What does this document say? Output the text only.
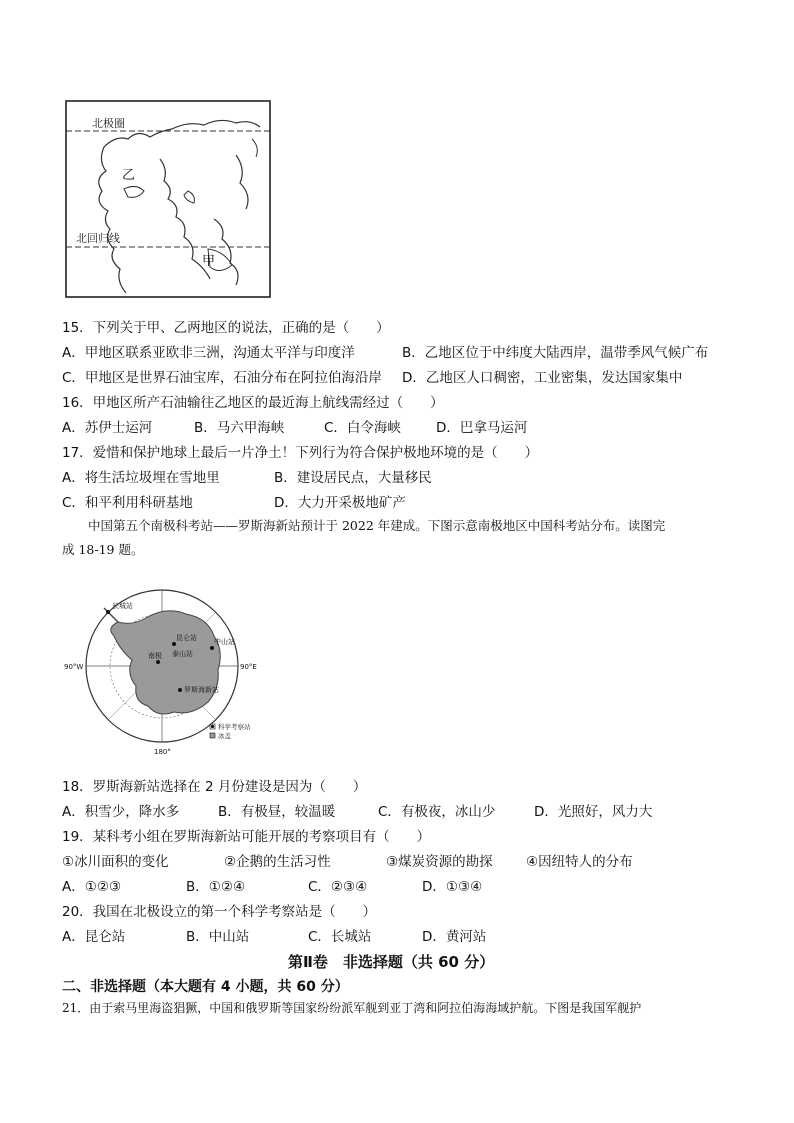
北极圈
北回归线
乙
甲
15．下列关于甲、乙两地区的说法，正确的是（　　）
A．甲地区联系亚欧非三洲，沟通太平洋与印度洋	B．乙地区位于中纬度大陆西岸，温带季风气候广布
C．甲地区是世界石油宝库，石油分布在阿拉伯海沿岸 D．乙地区人口稠密，工业密集，发达国家集中
16．甲地区所产石油输往乙地区的最近海上航线需经过（　　）
A．苏伊士运河	B．马六甲海峡	C．白令海峡	D．巴拿马运河
17．爱惜和保护地球上最后一片净土！下列行为符合保护极地环境的是（　　）
A．将生活垃圾埋在雪地里	B．建设居民点，大量移民
C．和平利用科研基地	D．大力开采极地矿产
中国第五个南极科考站——罗斯海新站预计于 2022 年建成。下图示意南极地区中国科考站分布。读图完
成 18-19 题。
长城站
中山站
昆仑站
泰山站
南极
罗斯海新站
90°W	90°E
180°
科学考察站
冰盖
18．罗斯海新站选择在 2 月份建设是因为（　　）
A．积雪少，降水多	B．有极昼，较温暖	C．有极夜，冰山少	D．光照好，风力大
19．某科考小组在罗斯海新站可能开展的考察项目有（　　）
①冰川面积的变化	②企鹅的生活习性	③煤炭资源的勘探 ④因纽特人的分布
A．①②③	B．①②④	C．②③④	D．①③④
20．我国在北极设立的第一个科学考察站是（　　）
A．昆仑站	B．中山站	C．长城站	D．黄河站
第Ⅱ卷　非选择题（共 60 分）
二、非选择题（本大题有 4 小题，共 60 分）
21．由于索马里海盗猖獗，中国和俄罗斯等国家纷纷派军舰到亚丁湾和阿拉伯海海域护航。下图是我国军舰护
